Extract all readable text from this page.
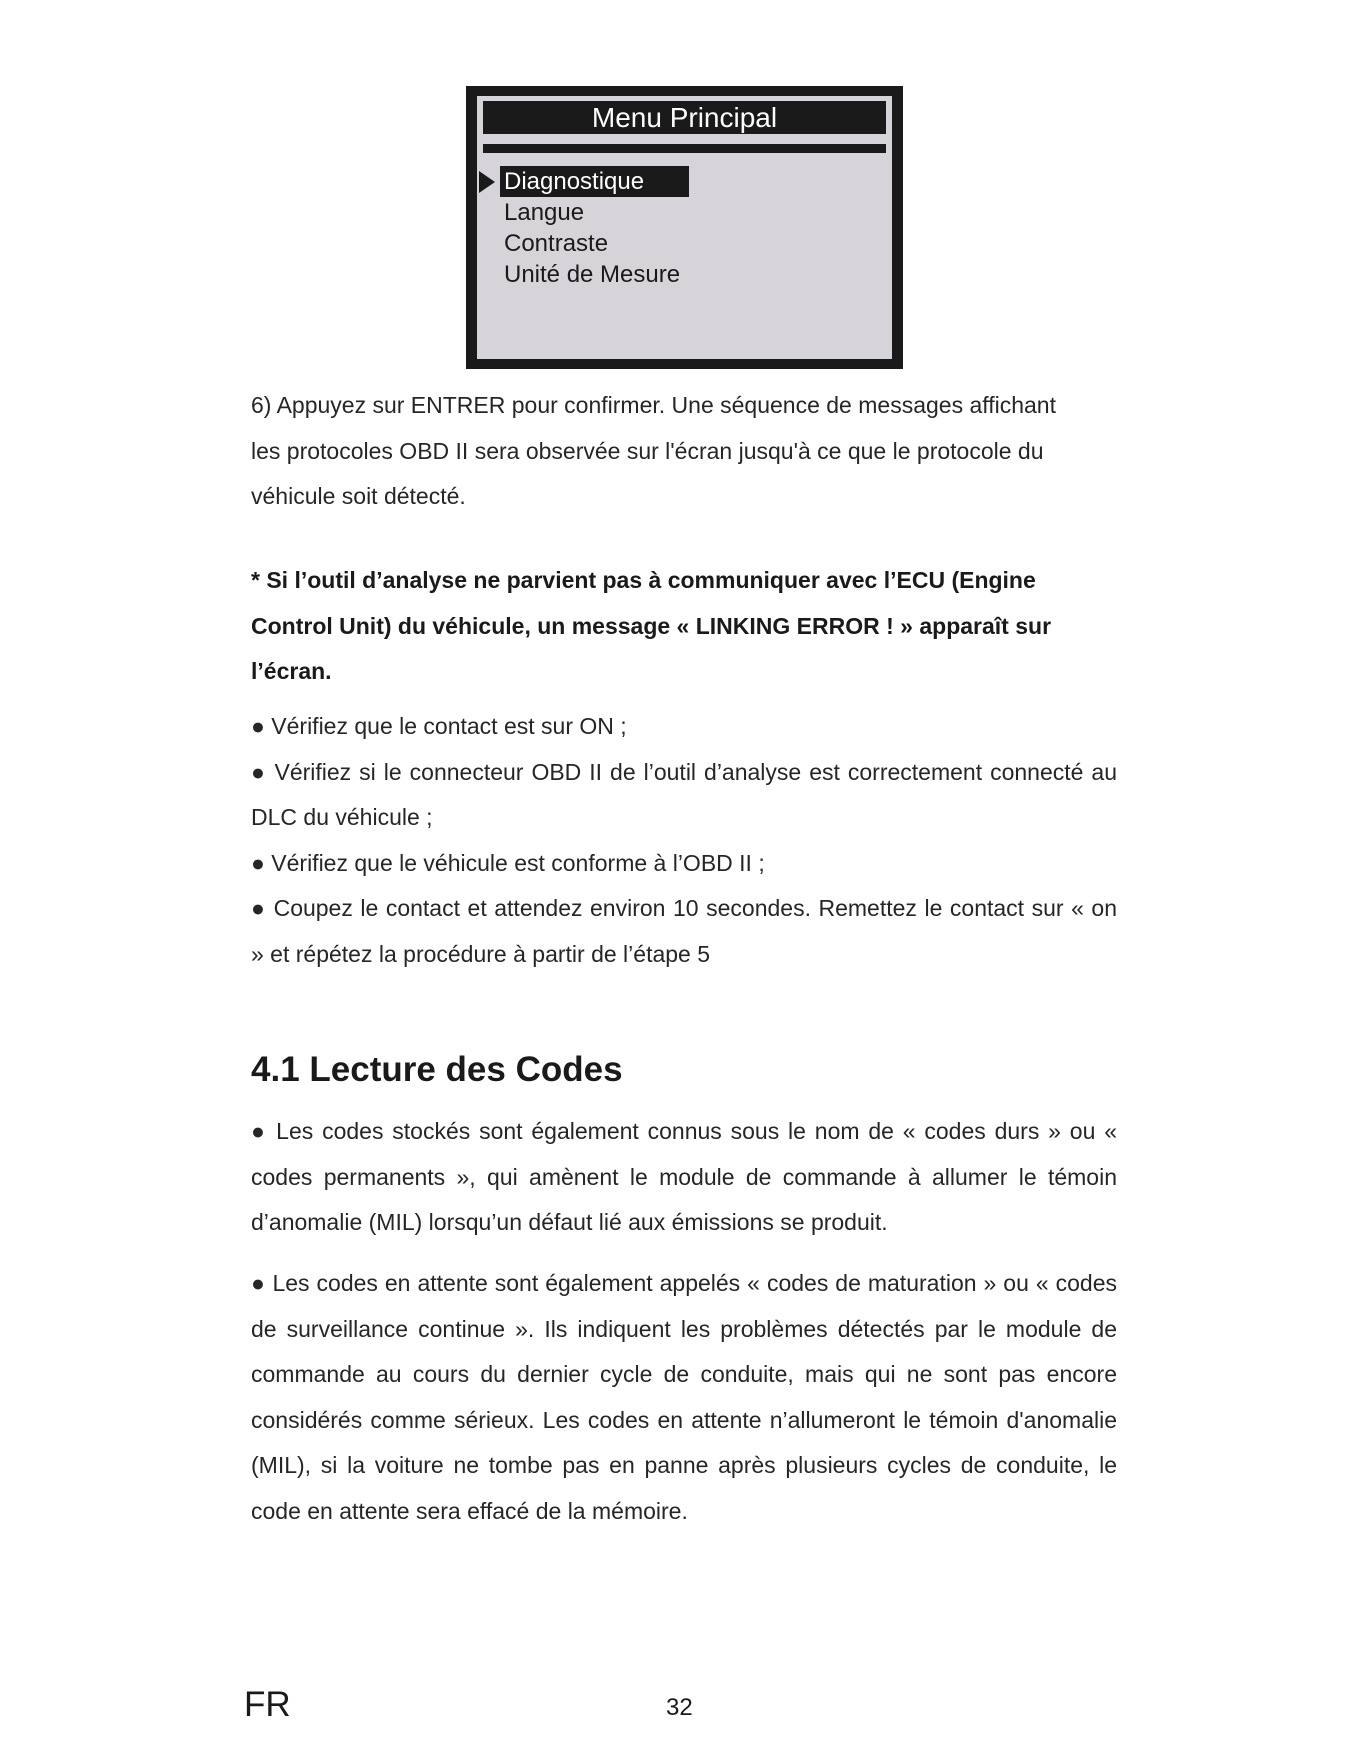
Menu Principal
Diagnostique
Langue
Contraste
Unité de Mesure

6) Appuyez sur ENTRER pour confirmer. Une séquence de messages affichant

les protocoles OBD II sera observée sur l'écran jusqu'à ce que le protocole du

véhicule soit détecté.

* Si l’outil d’analyse ne parvient pas à communiquer avec l’ECU (Engine

Control Unit) du véhicule, un message « LINKING ERROR ! » apparaît sur

l’écran.

● Vérifiez que le contact est sur ON ;

● Vérifiez si le connecteur OBD II de l’outil d’analyse est correctement connecté au DLC du véhicule ;

● Vérifiez que le véhicule est conforme à l’OBD II ;

● Coupez le contact et attendez environ 10 secondes. Remettez le contact sur « on » et répétez la procédure à partir de l’étape 5

4.1 Lecture des Codes

● Les codes stockés sont également connus sous le nom de « codes durs » ou « codes permanents », qui amènent le module de commande à allumer le témoin d’anomalie (MIL) lorsqu’un défaut lié aux émissions se produit.

● Les codes en attente sont également appelés « codes de maturation » ou « codes de surveillance continue ». Ils indiquent les problèmes détectés par le module de commande au cours du dernier cycle de conduite, mais qui ne sont pas encore considérés comme sérieux. Les codes en attente n’allumeront le témoin d'anomalie (MIL), si la voiture ne tombe pas en panne après plusieurs cycles de conduite, le code en attente sera effacé de la mémoire.

FR	32
